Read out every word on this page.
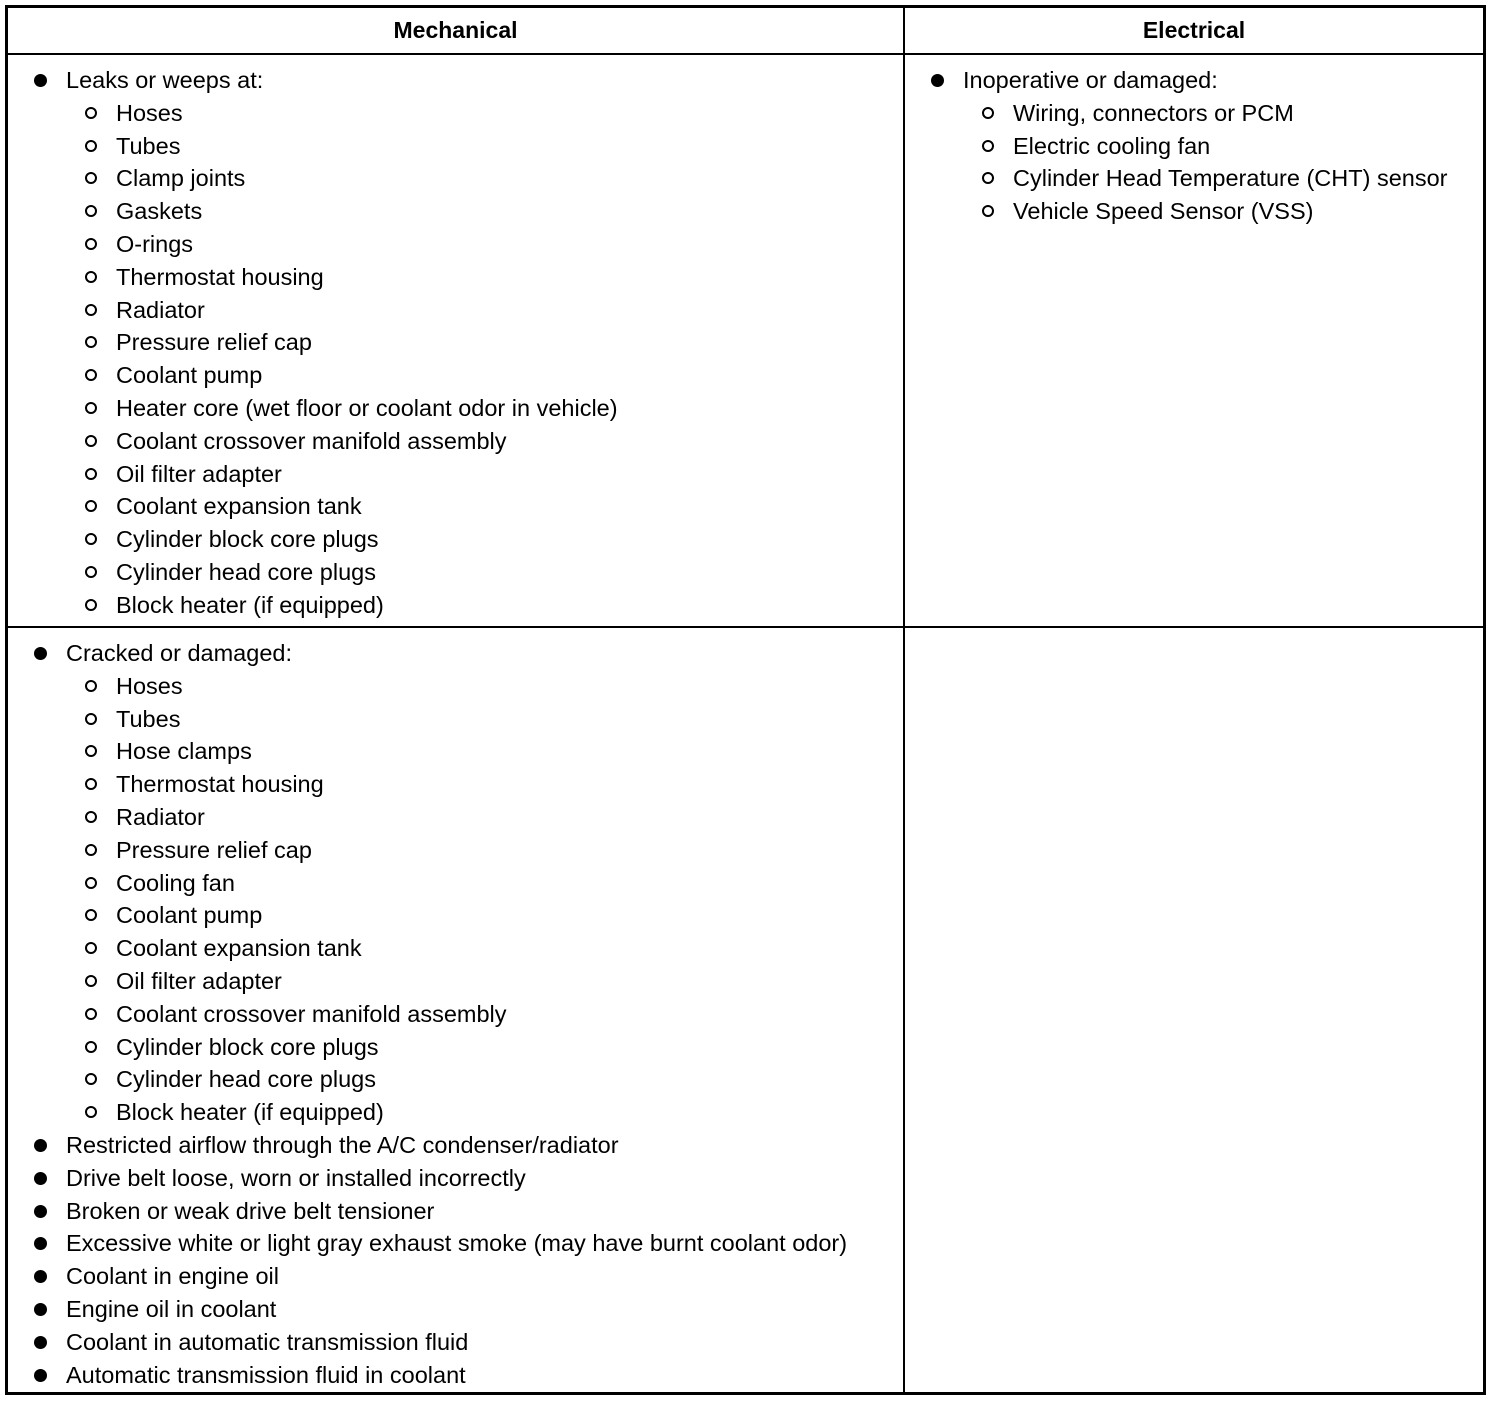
Mechanical	Electrical
Leaks or weeps at:
Hoses
Tubes
Clamp joints
Gaskets
O-rings
Thermostat housing
Radiator
Pressure relief cap
Coolant pump
Heater core (wet floor or coolant odor in vehicle)
Coolant crossover manifold assembly
Oil filter adapter
Coolant expansion tank
Cylinder block core plugs
Cylinder head core plugs
Block heater (if equipped)
Inoperative or damaged:
Wiring, connectors or PCM
Electric cooling fan
Cylinder Head Temperature (CHT) sensor
Vehicle Speed Sensor (VSS)
Cracked or damaged:
Hoses
Tubes
Hose clamps
Thermostat housing
Radiator
Pressure relief cap
Cooling fan
Coolant pump
Coolant expansion tank
Oil filter adapter
Coolant crossover manifold assembly
Cylinder block core plugs
Cylinder head core plugs
Block heater (if equipped)
Restricted airflow through the A/C condenser/radiator
Drive belt loose, worn or installed incorrectly
Broken or weak drive belt tensioner
Excessive white or light gray exhaust smoke (may have burnt coolant odor)
Coolant in engine oil
Engine oil in coolant
Coolant in automatic transmission fluid
Automatic transmission fluid in coolant
